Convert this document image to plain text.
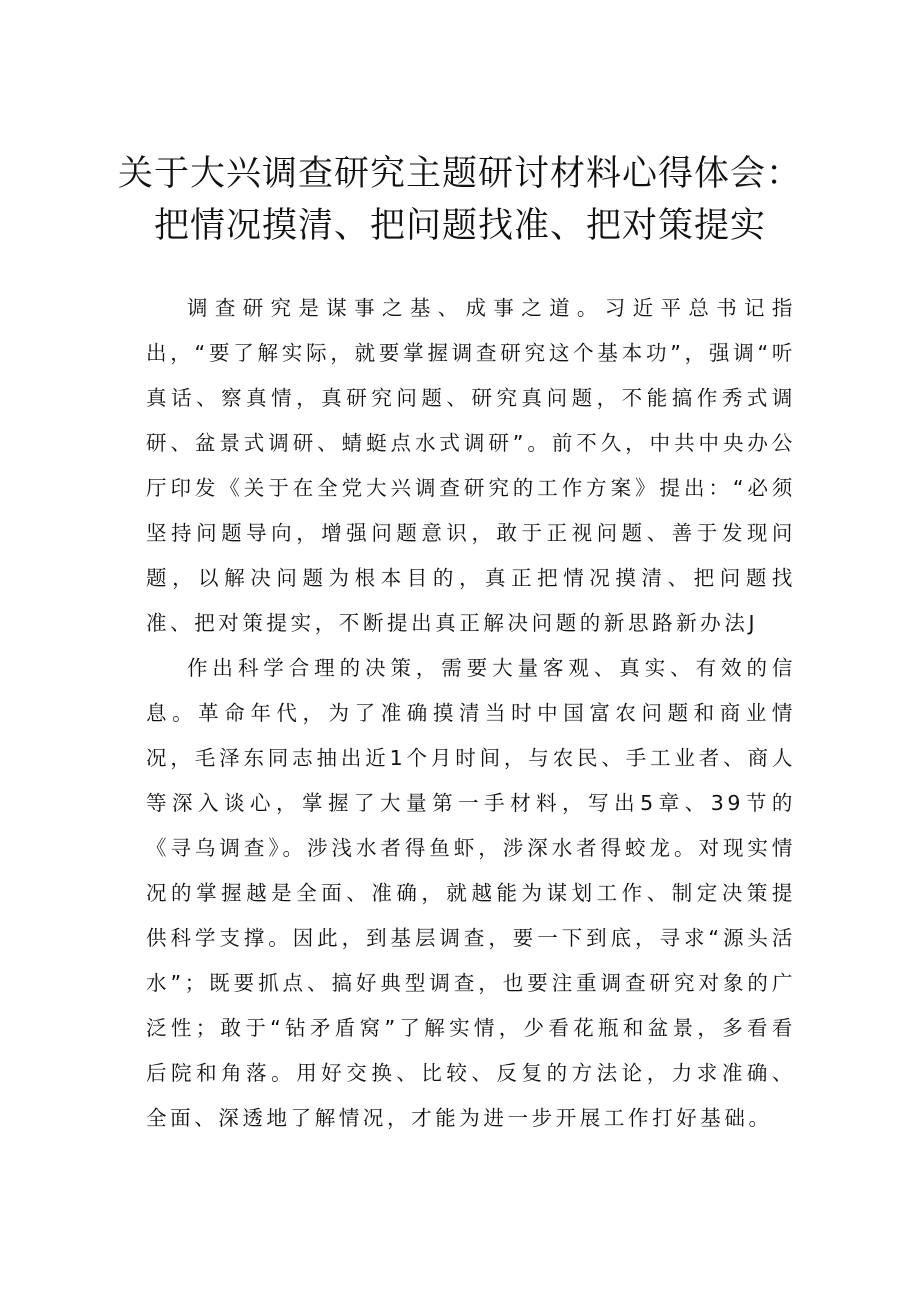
关于大兴调查研究主题研讨材料心得体会：
把情况摸清、把问题找准、把对策提实

调查研究是谋事之基、成事之道。习近平总书记指出，“要了解实际，就要掌握调查研究这个基本功”，强调“听真话、察真情，真研究问题、研究真问题，不能搞作秀式调研、盆景式调研、蜻蜓点水式调研”。前不久，中共中央办公厅印发《关于在全党大兴调查研究的工作方案》提出：“必须坚持问题导向，增强问题意识，敢于正视问题、善于发现问题，以解决问题为根本目的，真正把情况摸清、把问题找准、把对策提实，不断提出真正解决问题的新思路新办法J

作出科学合理的决策，需要大量客观、真实、有效的信息。革命年代，为了准确摸清当时中国富农问题和商业情况，毛泽东同志抽出近1个月时间，与农民、手工业者、商人等深入谈心，掌握了大量第一手材料，写出5章、39节的《寻乌调查》。涉浅水者得鱼虾，涉深水者得蛟龙。对现实情况的掌握越是全面、准确，就越能为谋划工作、制定决策提供科学支撑。因此，到基层调查，要一下到底，寻求“源头活水”；既要抓点、搞好典型调查，也要注重调查研究对象的广泛性；敢于“钻矛盾窝”了解实情，少看花瓶和盆景，多看看后院和角落。用好交换、比较、反复的方法论，力求准确、全面、深透地了解情况，才能为进一步开展工作打好基础。
